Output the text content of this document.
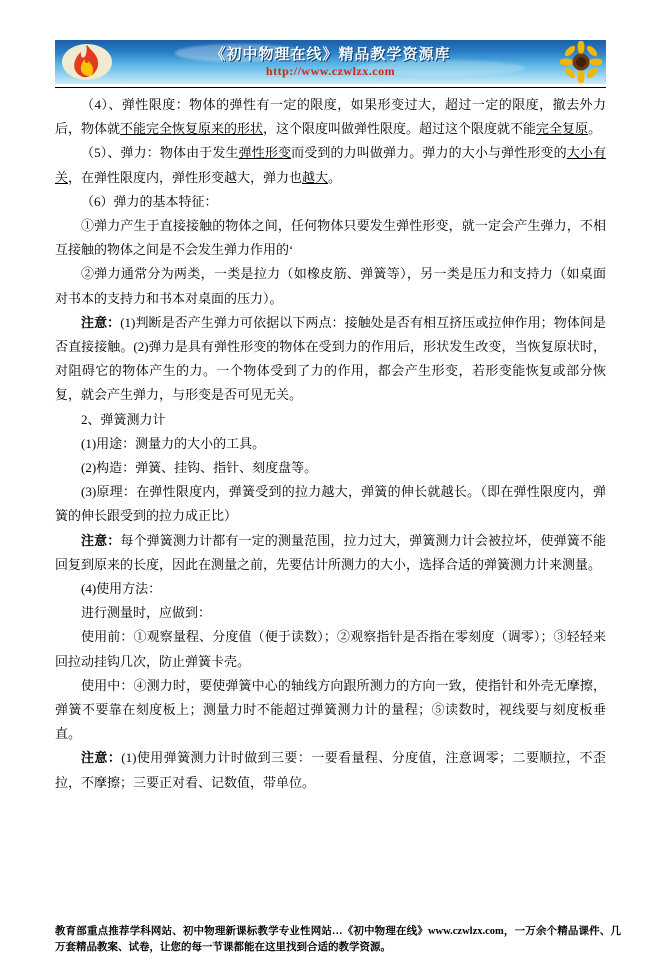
《初中物理在线》精品教学资源库
http://www.czwlzx.com

（4）、弹性限度：物体的弹性有一定的限度，如果形变过大，超过一定的限度，撤去外力后，物体就不能完全恢复原来的形状，这个限度叫做弹性限度。超过这个限度就不能完全复原。

（5）、弹力：物体由于发生弹性形变而受到的力叫做弹力。弹力的大小与弹性形变的大小有关，在弹性限度内，弹性形变越大，弹力也越大。

（6）弹力的基本特征：

①弹力产生于直接接触的物体之间，任何物体只要发生弹性形变，就一定会产生弹力，不相互接触的物体之间是不会发生弹力作用的‘

②弹力通常分为两类，一类是拉力（如橡皮筋、弹簧等），另一类是压力和支持力（如桌面对书本的支持力和书本对桌面的压力）。

注意：(1)判断是否产生弹力可依据以下两点：接触处是否有相互挤压或拉伸作用；物体间是否直接接触。(2)弹力是具有弹性形变的物体在受到力的作用后，形状发生改变，当恢复原状时，对阻碍它的物体产生的力。一个物体受到了力的作用，都会产生形变，若形变能恢复或部分恢复，就会产生弹力，与形变是否可见无关。

2、弹簧测力计

(1)用途：测量力的大小的工具。

(2)构造：弹簧、挂钩、指针、刻度盘等。

(3)原理：在弹性限度内，弹簧受到的拉力越大，弹簧的伸长就越长。（即在弹性限度内，弹簧的伸长跟受到的拉力成正比）

注意：每个弹簧测力计都有一定的测量范围，拉力过大，弹簧测力计会被拉坏，使弹簧不能回复到原来的长度，因此在测量之前，先要估计所测力的大小，选择合适的弹簧测力计来测量。

(4)使用方法：

进行测量时，应做到：

使用前：①观察量程、分度值（便于读数）；②观察指针是否指在零刻度（调零）；③轻轻来回拉动挂钩几次，防止弹簧卡壳。

使用中：④测力时，要使弹簧中心的轴线方向跟所测力的方向一致，使指针和外壳无摩擦，弹簧不要靠在刻度板上；测量力时不能超过弹簧测力计的量程；⑤读数时，视线要与刻度板垂直。

注意：(1)使用弹簧测力计时做到三要：一要看量程、分度值，注意调零；二要顺拉，不歪拉，不摩擦；三要正对看、记数值，带单位。

教育部重点推荐学科网站、初中物理新课标教学专业性网站…《初中物理在线》www.czwlzx.com，一万余个精品课件、几万套精品教案、试卷，让您的每一节课都能在这里找到合适的教学资源。
